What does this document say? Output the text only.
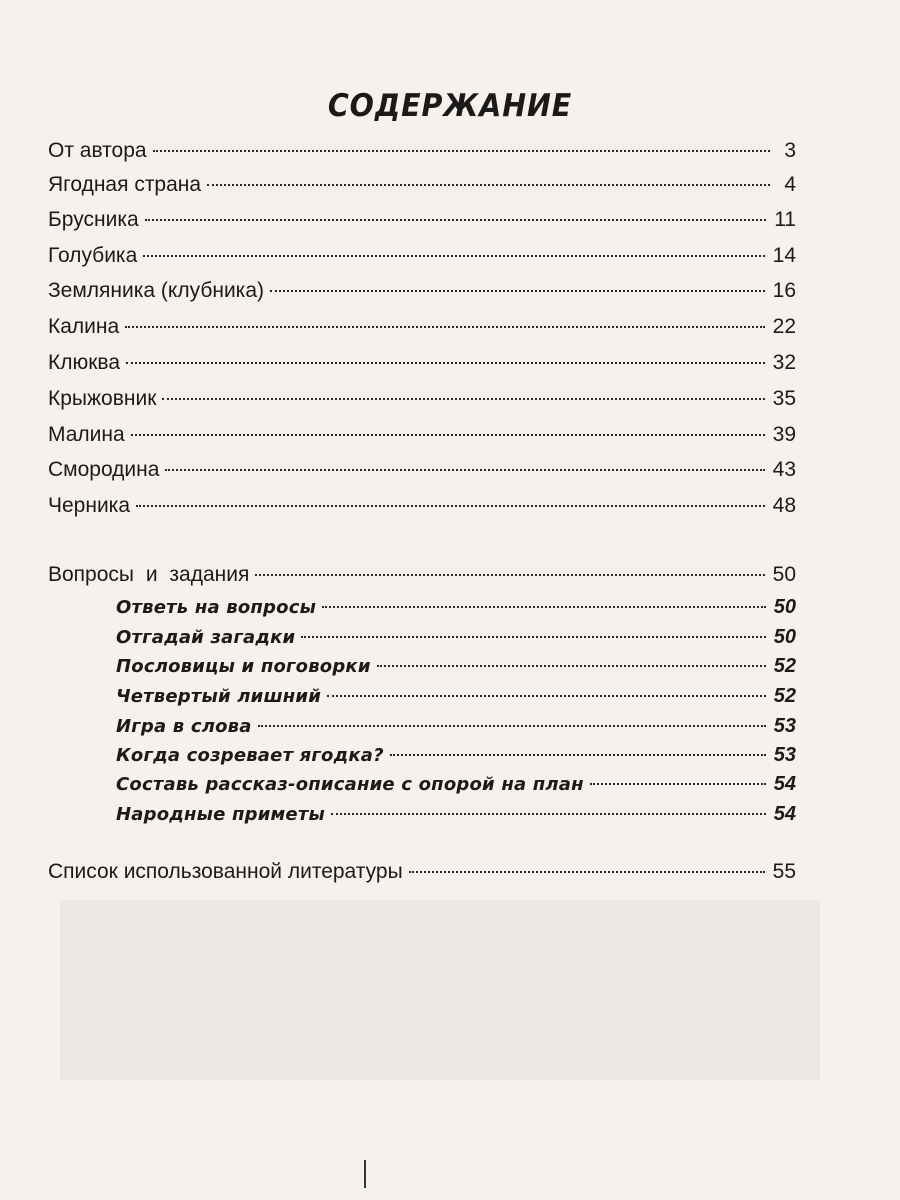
СОДЕРЖАНИЕ
От автора	3
Ягодная страна	4
Брусника	11
Голубика	14
Земляника (клубника)	16
Калина	22
Клюква	32
Крыжовник	35
Малина	39
Смородина	43
Черника	48
Вопросы и задания	50
Ответь на вопросы	50
Отгадай загадки	50
Пословицы и поговорки	52
Четвертый лишний	52
Игра в слова	53
Когда созревает ягодка?	53
Составь рассказ-описание с опорой на план	54
Народные приметы	54
Список использованной литературы	55
